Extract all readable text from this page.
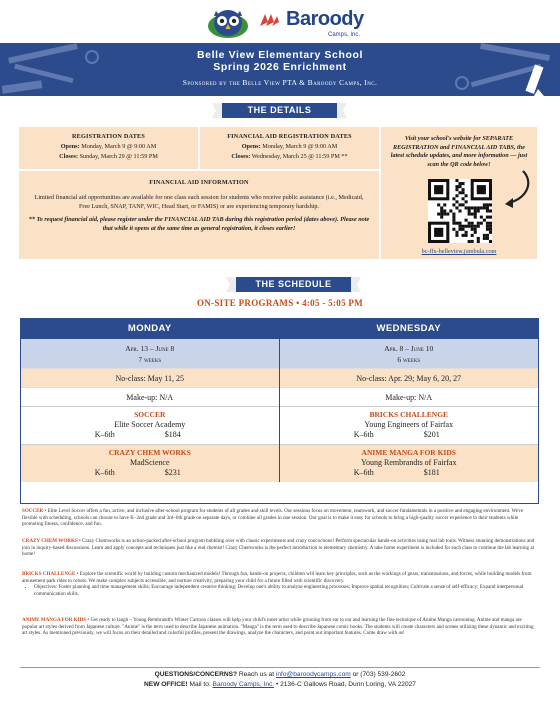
Baroody
Camps, Inc.
Belle View Elementary School
Spring 2026 Enrichment
Sponsored by the Belle View PTA & Baroody Camps, Inc.
THE DETAILS
REGISTRATION DATES
Opens: Monday, March 9 @ 9:00 AM
Closes: Sunday, March 29 @ 11:59 PM
FINANCIAL AID REGISTRATION DATES
Opens: Monday, March 9 @ 9:00 AM
Closes: Wednesday, March 25 @ 11:59 PM **
FINANCIAL AID INFORMATION
Limited financial aid opportunities are available for one class each session for students who receive public assistance (i.e., Medicaid, Free Lunch, SNAP, TANF, WIC, Head Start, or FAMIS) or are experiencing temporary hardship.
** To request financial aid, please register under the FINANCIAL AID TAB during this registration period (dates above). Please note that while it opens at the same time as general registration, it closes earlier!
Visit your school's website for SEPARATE REGISTRATION and FINANCIAL AID TABS, the latest schedule updates, and more information — just scan the QR code below!
bc-ffx-belleview.jumbula.com
THE SCHEDULE
ON-SITE PROGRAMS • 4:05 - 5:05 PM
MONDAY
Apr. 13 – June 8
7 weeks
No-class: May 11, 25
Make-up: N/A
SOCCER
Elite Soccer Academy
K–6th	$184
CRAZY CHEM WORKS
MadScience
K–6th	$231
WEDNESDAY
Apr. 8 – June 10
6 weeks
No-class: Apr. 29; May 6, 20, 27
Make-up: N/A
BRICKS CHALLENGE
Young Engineers of Fairfax
K–6th	$201
ANIME MANGA FOR KIDS
Young Rembrandts of Fairfax
K–6th	$181
SOCCER • Elite Level Soccer offers a fun, active, and inclusive after-school program for students of all grades and skill levels. Our sessions focus on movement, teamwork, and soccer fundamentals in a positive and engaging environment. We're flexible with scheduling, schools can choose to have K–2nd grade and 3rd–6th grade on separate days, or combine all grades in one session. Our goal is to make it easy for schools to bring a high-quality soccer experience to their students while promoting fitness, confidence, and fun.
CRAZY CHEM WORKS • Crazy Chemworks is an action-packed after-school program bubbling over with classic experiments and crazy concoctions! Perform spectacular hands-on activities using real lab tools. Witness stunning demonstrations and join in inquiry-based discussions. Learn and apply concepts and techniques just like a real chemist! Crazy Chemworks is the perfect introduction to elementary chemistry. A take home experiment is included for each class to continue the lab learning at home!
BRICKS CHALLENGE • Explore the scientific world by building custom mechanized models! Through fun, hands-on projects, children will learn key principles, such as the workings of gears, transmissions, and forces, while building models from amusement park rides to robots. We make complex subjects accessible, and nurture creativity, preparing your child for a future filled with scientific discovery.
• Objectives: Foster planning and time management skills; Encourage independent creative thinking; Develop one's ability to analyze engineering processes; Improve spatial recognition; Cultivate a sense of self-efficacy; Expand interpersonal communication skills.
ANIME MANGA FOR KIDS • Get ready to laugh – Young Rembrandt's Winter Cartoon classes will help your child's inner artist while grinning from ear to ear and learning the fine technique of Anime Manga cartooning. Anime and manga are popular art styles derived from Japanese culture. "Anime" is the term used to describe Japanese animation. "Manga" is the term used to describe Japanese comic books. The students will create characters and scenes utilizing these dynamic and exciting art styles. As mentioned previously, we will focus on their detailed and colorful profiles, present the drawings, analyze the characters, and point out important features. Come draw with us!
QUESTIONS/CONCERNS? Reach us at info@baroodycamps.com or (703) 539-2602
NEW OFFICE! Mail to: Baroody Camps, Inc. • 2136-C Gallows Road, Dunn Loring, VA 22027
